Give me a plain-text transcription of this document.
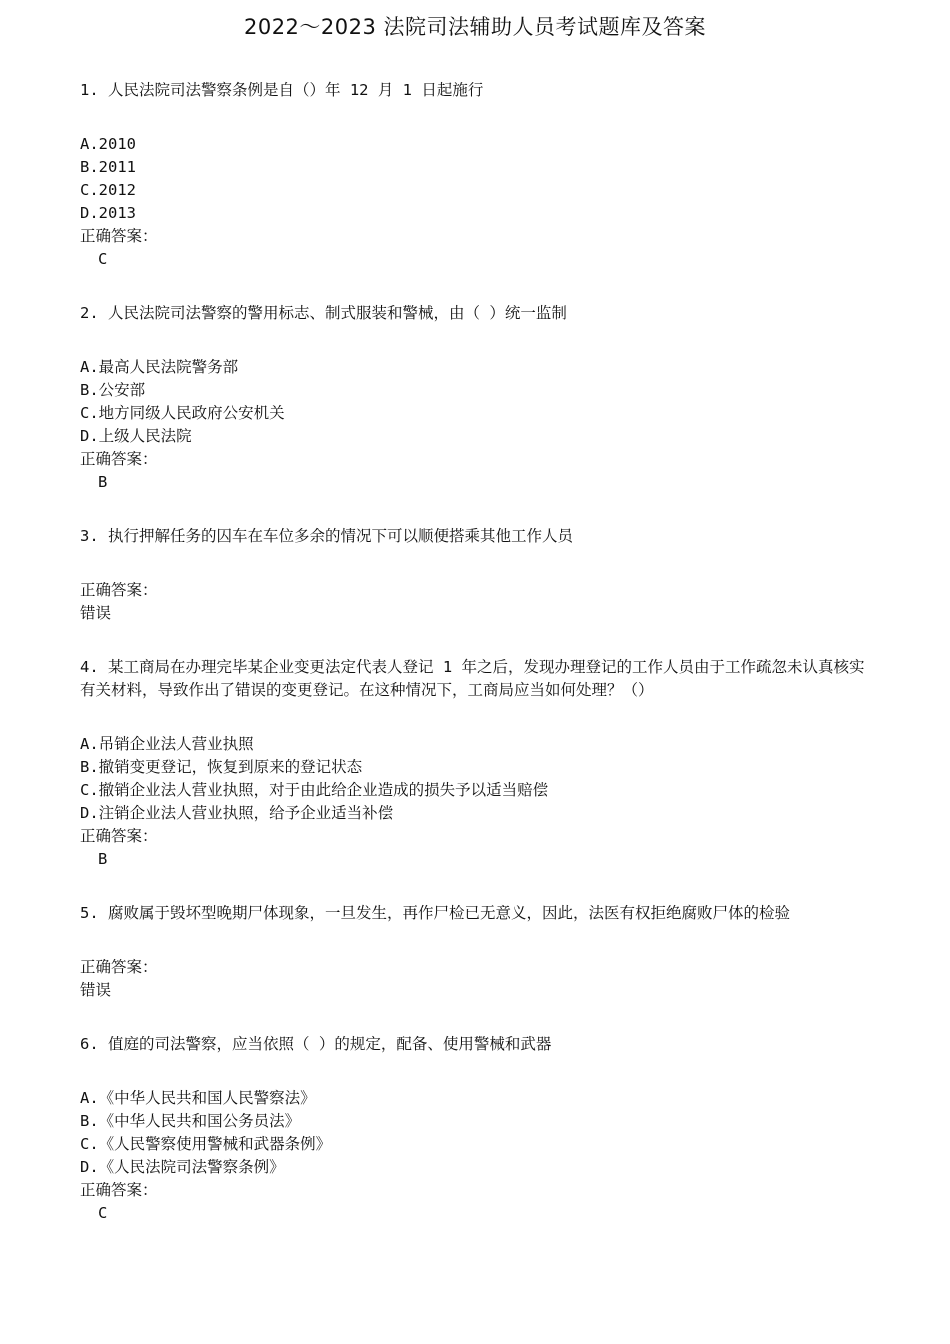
2022～2023 法院司法辅助人员考试题库及答案
1. 人民法院司法警察条例是自（）年 12 月 1 日起施行
A.2010
B.2011
C.2012
D.2013
正确答案：
C
2. 人民法院司法警察的警用标志、制式服装和警械，由（ ）统一监制
A.最高人民法院警务部
B.公安部
C.地方同级人民政府公安机关
D.上级人民法院
正确答案：
B
3. 执行押解任务的囚车在车位多余的情况下可以顺便搭乘其他工作人员
正确答案：
错误
4. 某工商局在办理完毕某企业变更法定代表人登记 1 年之后，发现办理登记的工作人员由于工作疏忽未认真核实有关材料，导致作出了错误的变更登记。在这种情况下，工商局应当如何处理？（）
A.吊销企业法人营业执照
B.撤销变更登记，恢复到原来的登记状态
C.撤销企业法人营业执照，对于由此给企业造成的损失予以适当赔偿
D.注销企业法人营业执照，给予企业适当补偿
正确答案：
B
5. 腐败属于毁坏型晚期尸体现象，一旦发生，再作尸检已无意义，因此，法医有权拒绝腐败尸体的检验
正确答案：
错误
6. 值庭的司法警察，应当依照（ ）的规定，配备、使用警械和武器
A.《中华人民共和国人民警察法》
B.《中华人民共和国公务员法》
C.《人民警察使用警械和武器条例》
D.《人民法院司法警察条例》
正确答案：
C
